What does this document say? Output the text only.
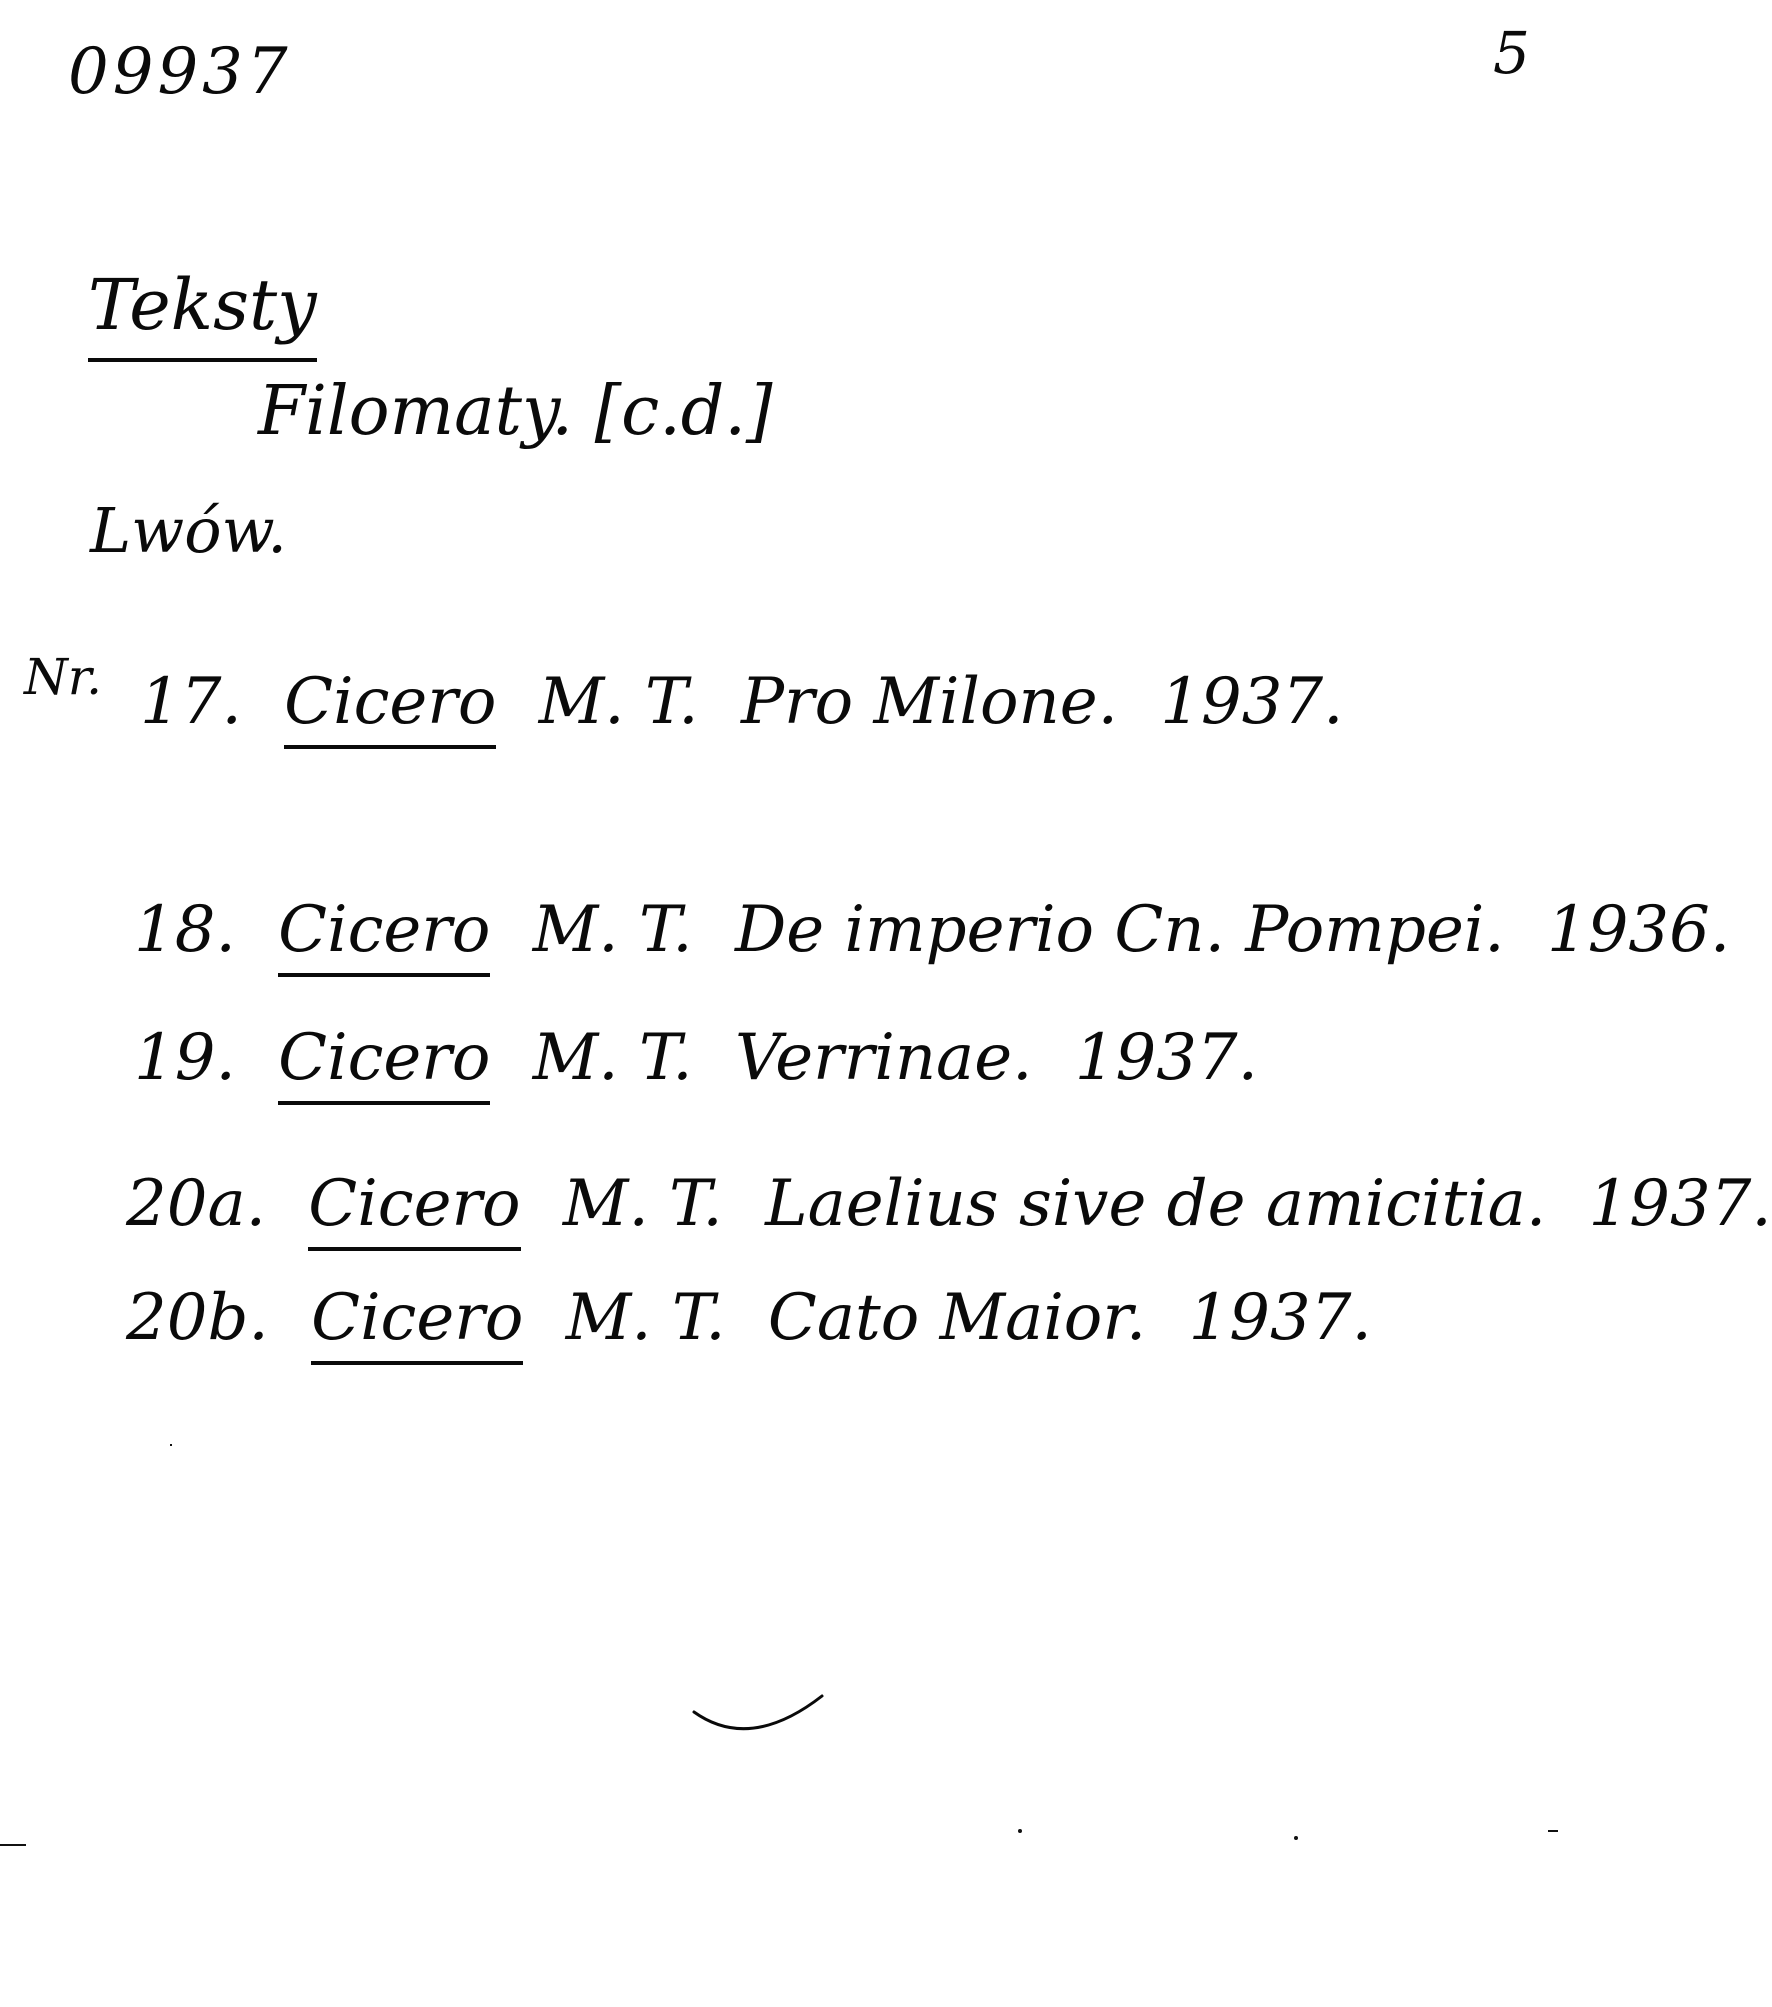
09937	5
Teksty
Filomaty. [c.d.]
Lwów.
Nr. 17. Cicero M. T. Pro Milone. 1937.
18. Cicero M. T. De imperio Cn. Pompei. 1936.
19. Cicero M. T. Verrinae. 1937.
20a. Cicero M. T. Laelius sive de amicitia. 1937.
20b. Cicero M. T. Cato Maior. 1937.
